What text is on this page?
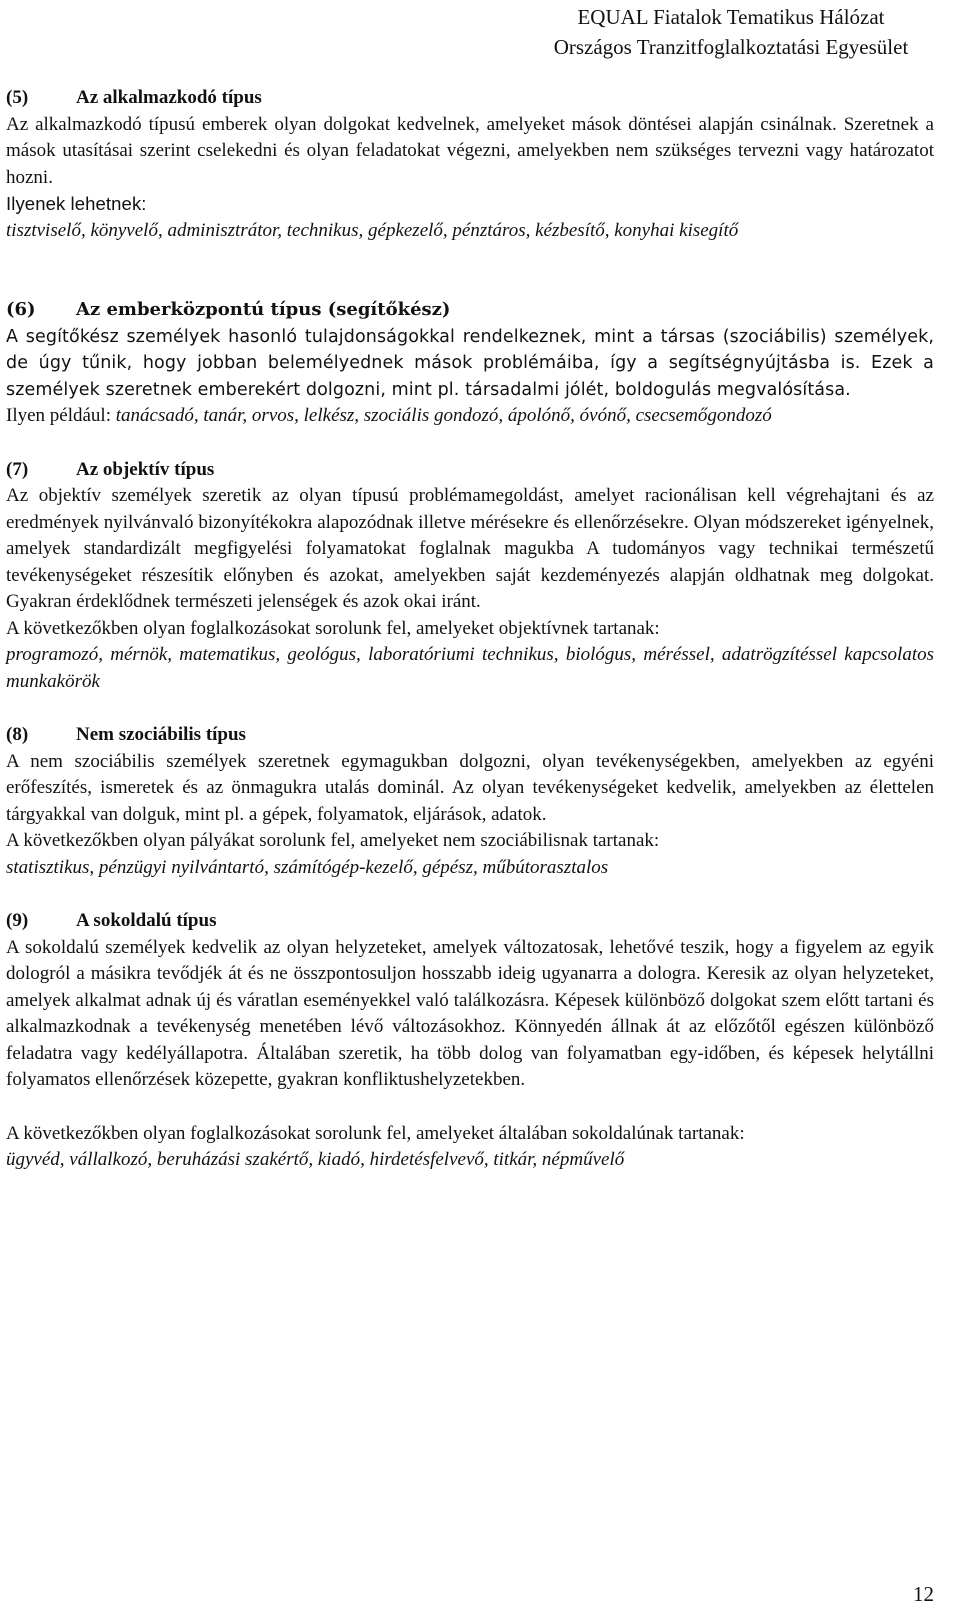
EQUAL Fiatalok Tematikus Hálózat
Országos Tranzitfoglalkoztatási Egyesület
(5)	Az alkalmazkodó típus

Az alkalmazkodó típusú emberek olyan dolgokat kedvelnek, amelyeket mások döntései alapján csinálnak. Szeretnek a mások utasításai szerint cselekedni és olyan feladatokat végezni, amelyekben nem szükséges tervezni vagy határozatot hozni.

Ilyenek lehetnek:

tisztviselő, könyvelő, adminisztrátor, technikus, gépkezelő, pénztáros, kézbesítő, konyhai kisegítő

(6) Az emberközpontú típus (segítőkész)

A segítőkész személyek hasonló tulajdonságokkal rendelkeznek, mint a társas (szociábilis) személyek, de úgy tűnik, hogy jobban belemélyednek mások problémáiba, így a segítségnyújtásba is. Ezek a személyek szeretnek emberekért dolgozni, mint pl. társadalmi jólét, boldogulás megvalósítása.

Ilyen például: tanácsadó, tanár, orvos, lelkész, szociális gondozó, ápolónő, óvónő, csecsemőgondozó

(7)	Az objektív típus

Az objektív személyek szeretik az olyan típusú problémamegoldást, amelyet racionálisan kell végrehajtani és az eredmények nyilvánvaló bizonyítékokra alapozódnak illetve mérésekre és ellenőrzésekre. Olyan módszereket igényelnek, amelyek standardizált megfigyelési folyamatokat foglalnak magukba A tudományos vagy technikai természetű tevékenységeket részesítik előnyben és azokat, amelyekben saját kezdeményezés alapján oldhatnak meg dolgokat. Gyakran érdeklődnek természeti jelenségek és azok okai iránt.

A következőkben olyan foglalkozásokat sorolunk fel, amelyeket objektívnek tartanak:

programozó, mérnök, matematikus, geológus, laboratóriumi technikus, biológus, méréssel, adatrögzítéssel kapcsolatos munkakörök

(8)	Nem szociábilis típus

A nem szociábilis személyek szeretnek egymagukban dolgozni, olyan tevékenységekben, amelyekben az egyéni erőfeszítés, ismeretek és az önmagukra utalás dominál. Az olyan tevékenységeket kedvelik, amelyekben az élettelen tárgyakkal van dolguk, mint pl. a gépek, folyamatok, eljárások, adatok.

A következőkben olyan pályákat sorolunk fel, amelyeket nem szociábilisnak tartanak:

statisztikus, pénzügyi nyilvántartó, számítógép-kezelő, gépész, műbútorasztalos

(9)	A sokoldalú típus

A sokoldalú személyek kedvelik az olyan helyzeteket, amelyek változatosak, lehetővé teszik, hogy a figyelem az egyik dologról a másikra tevődjék át és ne összpontosuljon hosszabb ideig ugyanarra a dologra. Keresik az olyan helyzeteket, amelyek alkalmat adnak új és váratlan eseményekkel való találkozásra. Képesek különböző dolgokat szem előtt tartani és alkalmazkodnak a tevékenység menetében lévő változásokhoz. Könnyedén állnak át az előzőtől egészen különböző feladatra vagy kedélyállapotra. Általában szeretik, ha több dolog van folyamatban egy-időben, és képesek helytállni folyamatos ellenőrzések közepette, gyakran konfliktushelyzetekben.

A következőkben olyan foglalkozásokat sorolunk fel, amelyeket általában sokoldalúnak tartanak:

ügyvéd, vállalkozó, beruházási szakértő, kiadó, hirdetésfelvevő, titkár, népművelő

12
